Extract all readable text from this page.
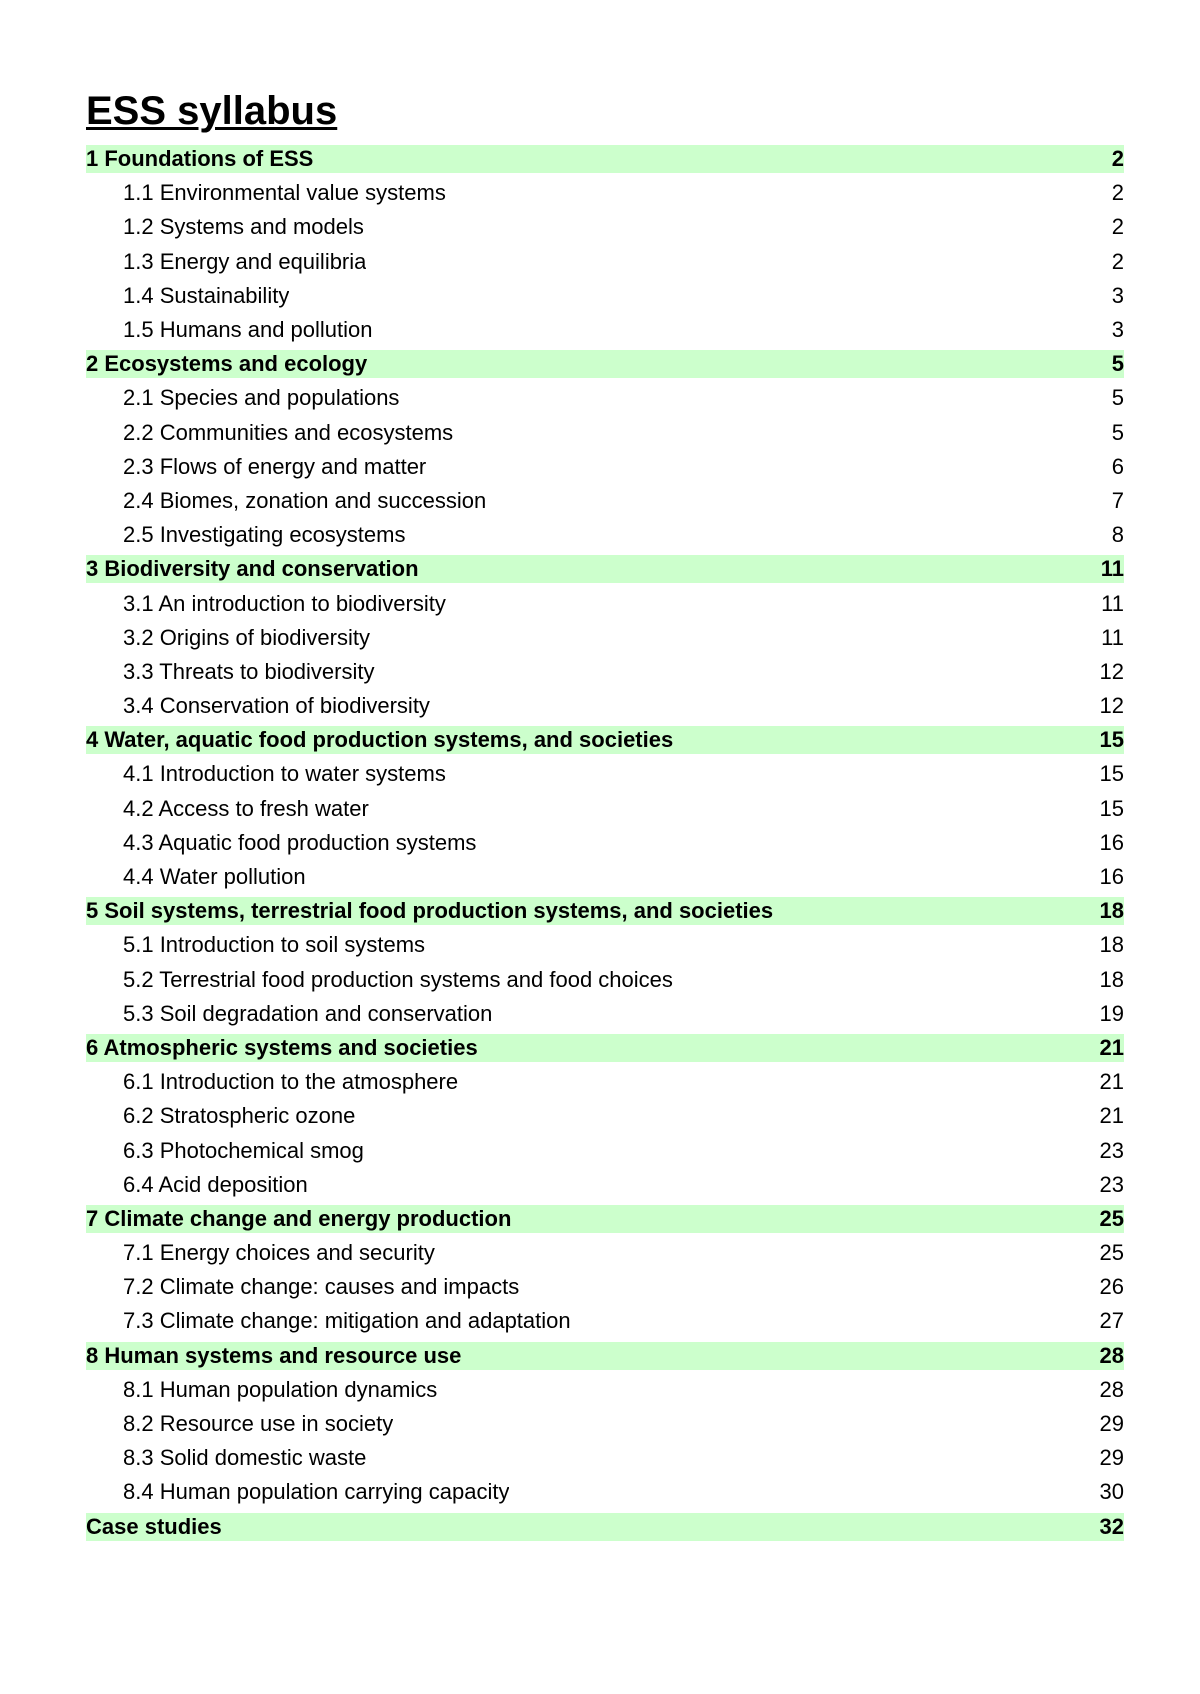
ESS syllabus
1 Foundations of ESS	2
1.1 Environmental value systems	2
1.2 Systems and models	2
1.3 Energy and equilibria	2
1.4 Sustainability	3
1.5 Humans and pollution	3
2 Ecosystems and ecology	5
2.1 Species and populations	5
2.2 Communities and ecosystems	5
2.3 Flows of energy and matter	6
2.4 Biomes, zonation and succession	7
2.5 Investigating ecosystems	8
3 Biodiversity and conservation	11
3.1 An introduction to biodiversity	11
3.2 Origins of biodiversity	11
3.3 Threats to biodiversity	12
3.4 Conservation of biodiversity	12
4 Water, aquatic food production systems, and societies	15
4.1 Introduction to water systems	15
4.2 Access to fresh water	15
4.3 Aquatic food production systems	16
4.4 Water pollution	16
5 Soil systems, terrestrial food production systems, and societies	18
5.1 Introduction to soil systems	18
5.2 Terrestrial food production systems and food choices	18
5.3 Soil degradation and conservation	19
6 Atmospheric systems and societies	21
6.1 Introduction to the atmosphere	21
6.2 Stratospheric ozone	21
6.3 Photochemical smog	23
6.4 Acid deposition	23
7 Climate change and energy production	25
7.1 Energy choices and security	25
7.2 Climate change: causes and impacts	26
7.3 Climate change: mitigation and adaptation	27
8 Human systems and resource use	28
8.1 Human population dynamics	28
8.2 Resource use in society	29
8.3 Solid domestic waste	29
8.4 Human population carrying capacity	30
Case studies	32
